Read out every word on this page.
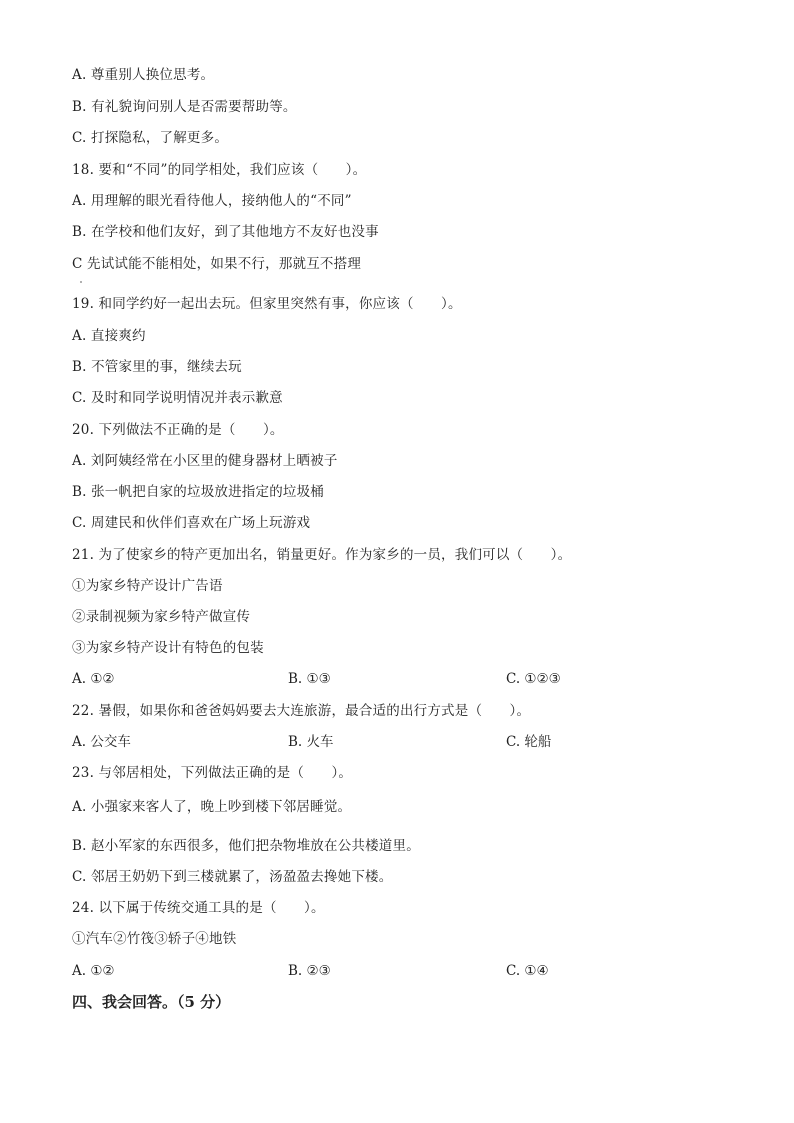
A. 尊重别人换位思考。
B. 有礼貌询问别人是否需要帮助等。
C. 打探隐私，了解更多。
18. 要和“不同”的同学相处，我们应该（　　）。
A. 用理解的眼光看待他人，接纳他人的“不同”
B. 在学校和他们友好，到了其他地方不友好也没事
C 先试试能不能相处，如果不行，那就互不搭理
19. 和同学约好一起出去玩。但家里突然有事，你应该（　　）。
A. 直接爽约
B. 不管家里的事，继续去玩
C. 及时和同学说明情况并表示歉意
20. 下列做法不正确的是（　　）。
A. 刘阿姨经常在小区里的健身器材上晒被子
B. 张一帆把自家的垃圾放进指定的垃圾桶
C. 周建民和伙伴们喜欢在广场上玩游戏
21. 为了使家乡的特产更加出名，销量更好。作为家乡的一员，我们可以（　　）。
①为家乡特产设计广告语
②录制视频为家乡特产做宣传
③为家乡特产设计有特色的包装
A. ①②	B. ①③	C. ①②③
22. 暑假，如果你和爸爸妈妈要去大连旅游，最合适的出行方式是（　　）。
A. 公交车	B. 火车	C. 轮船
23. 与邻居相处，下列做法正确的是（　　）。
A. 小强家来客人了，晚上吵到楼下邻居睡觉。
B. 赵小军家的东西很多，他们把杂物堆放在公共楼道里。
C. 邻居王奶奶下到三楼就累了，汤盈盈去搀她下楼。
24. 以下属于传统交通工具的是（　　）。
①汽车②竹筏③轿子④地铁
A. ①②	B. ②③	C. ①④
四、我会回答。（5 分）
